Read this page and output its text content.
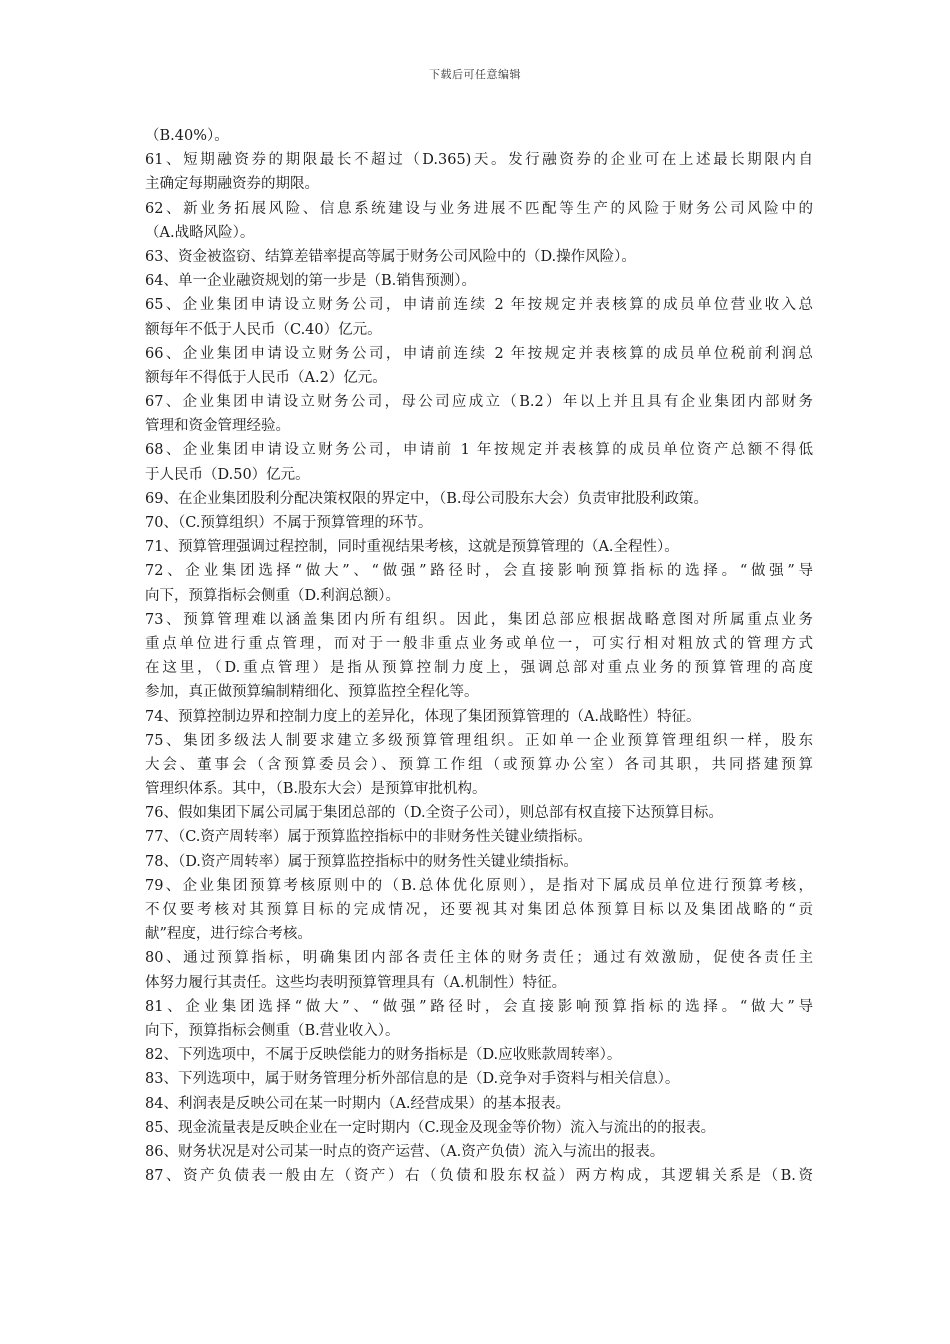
下载后可任意编辑
（B.40%）。
61、短期融资券的期限最长不超过（D.365)天。发行融资券的企业可在上述最长期限内自
主确定每期融资券的期限。
62、新业务拓展风险、信息系统建设与业务进展不匹配等生产的风险于财务公司风险中的
（A.战略风险）。
63、资金被盗窃、结算差错率提高等属于财务公司风险中的（D.操作风险）。
64、单一企业融资规划的第一步是（B.销售预测）。
65、企业集团申请设立财务公司，申请前连续 2 年按规定并表核算的成员单位营业收入总
额每年不低于人民币（C.40）亿元。
66、企业集团申请设立财务公司，申请前连续 2 年按规定并表核算的成员单位税前利润总
额每年不得低于人民币（A.2）亿元。
67、企业集团申请设立财务公司，母公司应成立（B.2）年以上并且具有企业集团内部财务
管理和资金管理经验。
68、企业集团申请设立财务公司，申请前 1 年按规定并表核算的成员单位资产总额不得低
于人民币（D.50）亿元。
69、在企业集团股利分配决策权限的界定中，（B.母公司股东大会）负责审批股利政策。
70、（C.预算组织）不属于预算管理的环节。
71、预算管理强调过程控制，同时重视结果考核，这就是预算管理的（A.全程性）。
72、企业集团选择“做大”、“做强”路径时，会直接影响预算指标的选择。“做强”导
向下，预算指标会侧重（D.利润总额）。
73、预算管理难以涵盖集团内所有组织。因此，集团总部应根据战略意图对所属重点业务
重点单位进行重点管理，而对于一般非重点业务或单位一，可实行相对粗放式的管理方式
在这里，（D.重点管理）是指从预算控制力度上，强调总部对重点业务的预算管理的高度
参加，真正做预算编制精细化、预算监控全程化等。
74、预算控制边界和控制力度上的差异化，体现了集团预算管理的（A.战略性）特征。
75、集团多级法人制要求建立多级预算管理组织。正如单一企业预算管理组织一样，股东
大会、董事会（含预算委员会）、预算工作组（或预算办公室）各司其职，共同搭建预算
管理织体系。其中，（B.股东大会）是预算审批机构。
76、假如集团下属公司属于集团总部的（D.全资子公司），则总部有权直接下达预算目标。
77、（C.资产周转率）属于预算监控指标中的非财务性关键业绩指标。
78、（D.资产周转率）属于预算监控指标中的财务性关键业绩指标。
79、企业集团预算考核原则中的（B.总体优化原则），是指对下属成员单位进行预算考核，
不仅要考核对其预算目标的完成情况，还要视其对集团总体预算目标以及集团战略的“贡
献”程度，进行综合考核。
80、通过预算指标，明确集团内部各责任主体的财务责任；通过有效激励，促使各责任主
体努力履行其责任。这些均表明预算管理具有（A.机制性）特征。
81、企业集团选择“做大”、“做强”路径时，会直接影响预算指标的选择。“做大”导
向下，预算指标会侧重（B.营业收入）。
82、下列选项中，不属于反映偿能力的财务指标是（D.应收账款周转率）。
83、下列选项中，属于财务管理分析外部信息的是（D.竞争对手资料与相关信息）。
84、利润表是反映公司在某一时期内（A.经营成果）的基本报表。
85、现金流量表是反映企业在一定时期内（C.现金及现金等价物）流入与流出的的报表。
86、财务状况是对公司某一时点的资产运营、（A.资产负债）流入与流出的报表。
87、资产负债表一般由左（资产）右（负债和股东权益）两方构成，其逻辑关系是（B.资
